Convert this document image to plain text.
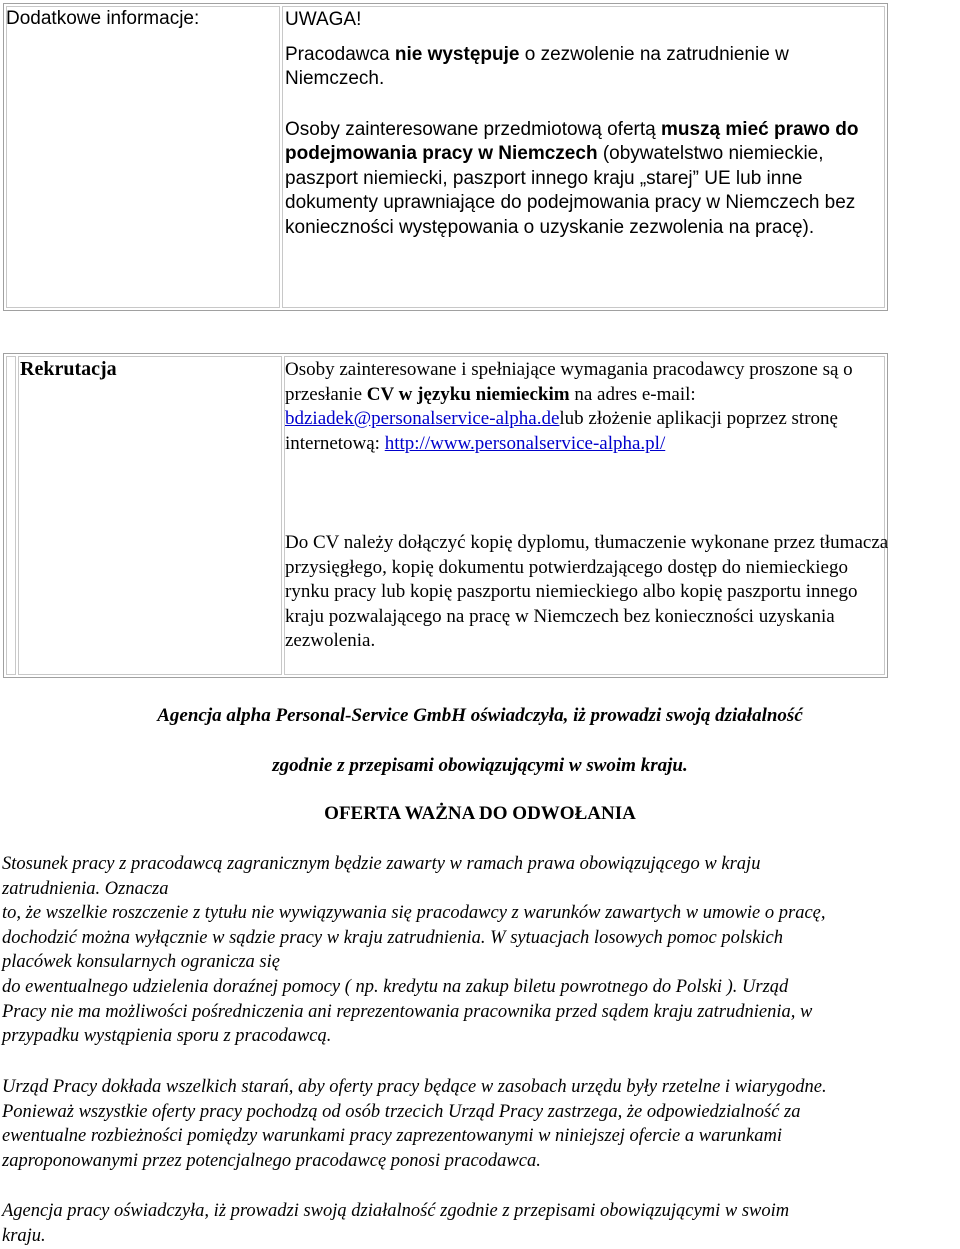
Dodatkowe informacje:	UWAGA!

Pracodawca nie występuje o zezwolenie na zatrudnienie w Niemczech.

Osoby zainteresowane przedmiotową ofertą muszą mieć prawo do podejmowania pracy w Niemczech (obywatelstwo niemieckie, paszport niemiecki, paszport innego kraju „starej” UE lub inne dokumenty uprawniające do podejmowania pracy w Niemczech bez konieczności występowania o uzyskanie zezwolenia na pracę).

Rekrutacja	Osoby zainteresowane i spełniające wymagania pracodawcy proszone są o przesłanie CV w języku niemieckim na adres e-mail: bdziadek@personalservice-alpha.delub złożenie aplikacji poprzez stronę internetową: http://www.personalservice-alpha.pl/

Do CV należy dołączyć kopię dyplomu, tłumaczenie wykonane przez tłumacza przysięgłego, kopię dokumentu potwierdzającego dostęp do niemieckiego rynku pracy lub kopię paszportu niemieckiego albo kopię paszportu innego kraju pozwalającego na pracę w Niemczech bez konieczności uzyskania zezwolenia.

Agencja alpha Personal-Service GmbH oświadczyła, iż prowadzi swoją działalność
zgodnie z przepisami obowiązującymi w swoim kraju.
OFERTA WAŻNA DO ODWOŁANIA
Stosunek pracy z pracodawcą zagranicznym będzie zawarty w ramach prawa obowiązującego w kraju
zatrudnienia. Oznacza
to, że wszelkie roszczenie z tytułu nie wywiązywania się pracodawcy z warunków zawartych w umowie o pracę,
dochodzić można wyłącznie w sądzie pracy w kraju zatrudnienia. W sytuacjach losowych pomoc polskich
placówek konsularnych ogranicza się
do ewentualnego udzielenia doraźnej pomocy ( np. kredytu na zakup biletu powrotnego do Polski ). Urząd
Pracy nie ma możliwości pośredniczenia ani reprezentowania pracownika przed sądem kraju zatrudnienia, w
przypadku wystąpienia sporu z pracodawcą.
Urząd Pracy dokłada wszelkich starań, aby oferty pracy będące w zasobach urzędu były rzetelne i wiarygodne.
Ponieważ wszystkie oferty pracy pochodzą od osób trzecich Urząd Pracy zastrzega, że odpowiedzialność za
ewentualne rozbieżności pomiędzy warunkami pracy zaprezentowanymi w niniejszej ofercie a warunkami
zaproponowanymi przez potencjalnego pracodawcę ponosi pracodawca.
Agencja pracy oświadczyła, iż prowadzi swoją działalność zgodnie z przepisami obowiązującymi w swoim
kraju.
